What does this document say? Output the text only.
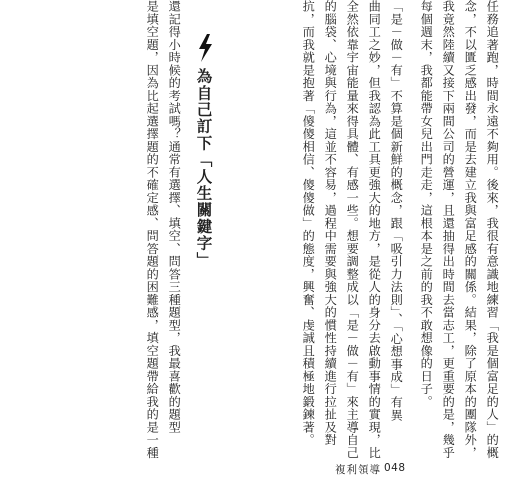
任務追著跑，時間永遠不夠用。後來，我很有意識地練習「我是個富足的人」的概
念，不以匱乏感出發，而是去建立我與富足感的關係。結果，除了原本的團隊外，
我竟然陸續又接下兩間公司的營運，且還抽得出時間去當志工，更重要的是，幾乎
每個週末，我都能帶女兒出門走走，這根本是之前的我不敢想像的日子。
「是－做－有」不算是個新鮮的概念，跟「吸引力法則」、「心想事成」有異
曲同工之妙，但我認為此工具更強大的地方，是從人的身分去啟動事情的實現，比
全然依靠宇宙能量來得具體、有感一些。想要調整成以「是－做－有」來主導自己
的腦袋、心境與行為，這並不容易，過程中需要與強大的慣性持續進行拉扯及對
抗，而我就是抱著「傻傻相信、傻傻做」的態度，興奮、虔誠且積極地鍛鍊著。
為自己訂下「人生關鍵字」
還記得小時候的考試嗎？通常有選擇、填空、問答三種題型，我最喜歡的題型
是填空題，因為比起選擇題的不確定感、問答題的困難感，填空題帶給我的是一種
複利領導 048
